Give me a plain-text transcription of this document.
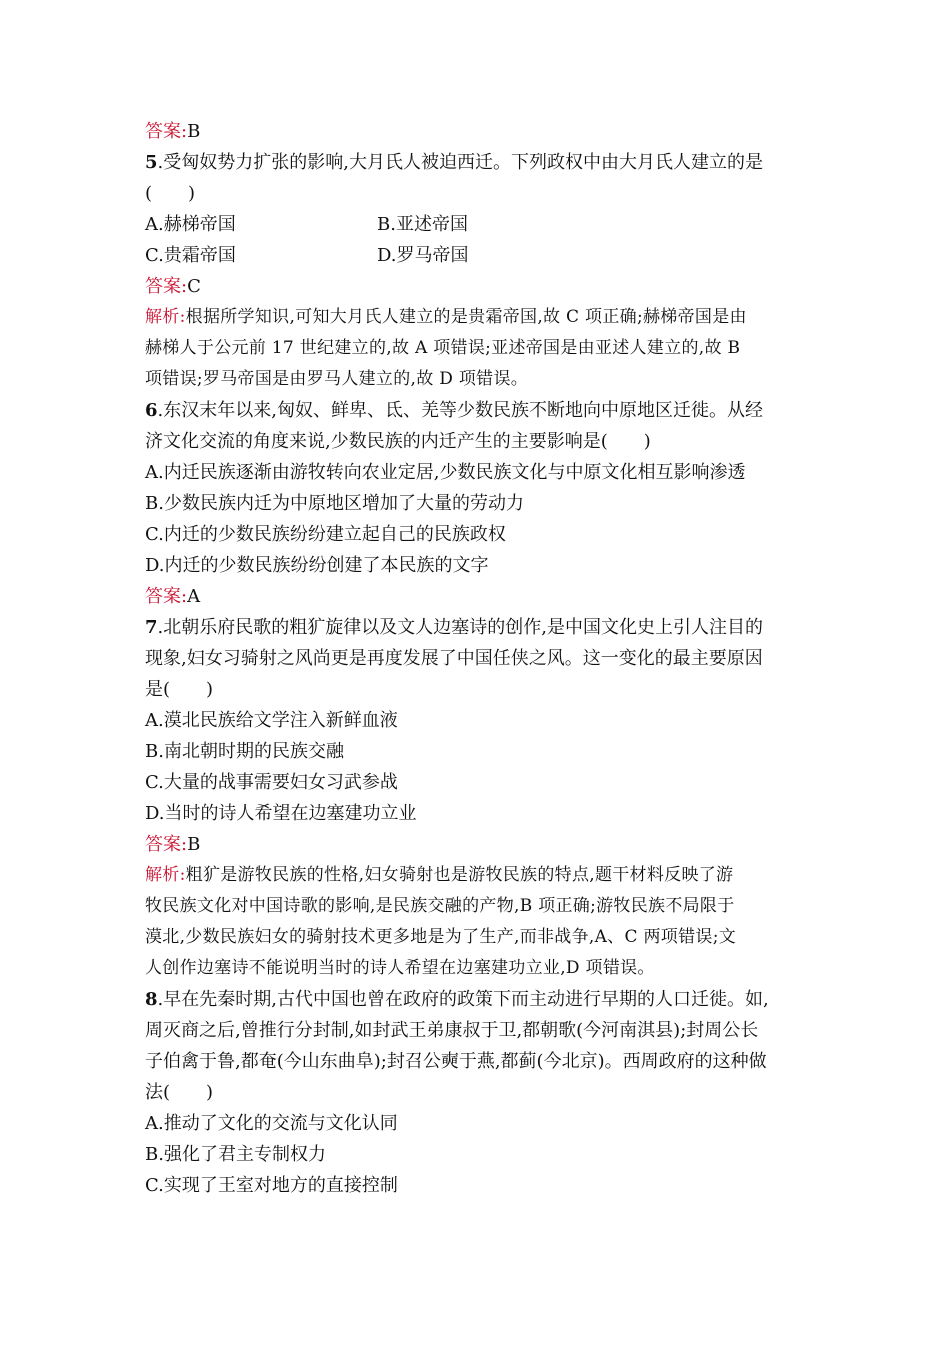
答案:B
5.受匈奴势力扩张的影响,大月氏人被迫西迁。下列政权中由大月氏人建立的是
(　　)
A.赫梯帝国	B.亚述帝国
C.贵霜帝国	D.罗马帝国
答案:C
解析:根据所学知识,可知大月氏人建立的是贵霜帝国,故 C 项正确;赫梯帝国是由
赫梯人于公元前 17 世纪建立的,故 A 项错误;亚述帝国是由亚述人建立的,故 B
项错误;罗马帝国是由罗马人建立的,故 D 项错误。
6.东汉末年以来,匈奴、鲜卑、氐、羌等少数民族不断地向中原地区迁徙。从经
济文化交流的角度来说,少数民族的内迁产生的主要影响是(　　)
A.内迁民族逐渐由游牧转向农业定居,少数民族文化与中原文化相互影响渗透
B.少数民族内迁为中原地区增加了大量的劳动力
C.内迁的少数民族纷纷建立起自己的民族政权
D.内迁的少数民族纷纷创建了本民族的文字
答案:A
7.北朝乐府民歌的粗犷旋律以及文人边塞诗的创作,是中国文化史上引人注目的
现象,妇女习骑射之风尚更是再度发展了中国任侠之风。这一变化的最主要原因
是(　　)
A.漠北民族给文学注入新鲜血液
B.南北朝时期的民族交融
C.大量的战事需要妇女习武参战
D.当时的诗人希望在边塞建功立业
答案:B
解析:粗犷是游牧民族的性格,妇女骑射也是游牧民族的特点,题干材料反映了游
牧民族文化对中国诗歌的影响,是民族交融的产物,B 项正确;游牧民族不局限于
漠北,少数民族妇女的骑射技术更多地是为了生产,而非战争,A、C 两项错误;文
人创作边塞诗不能说明当时的诗人希望在边塞建功立业,D 项错误。
8.早在先秦时期,古代中国也曾在政府的政策下而主动进行早期的人口迁徙。如,
周灭商之后,曾推行分封制,如封武王弟康叔于卫,都朝歌(今河南淇县);封周公长
子伯禽于鲁,都奄(今山东曲阜);封召公奭于燕,都蓟(今北京)。西周政府的这种做
法(　　)
A.推动了文化的交流与文化认同
B.强化了君主专制权力
C.实现了王室对地方的直接控制
